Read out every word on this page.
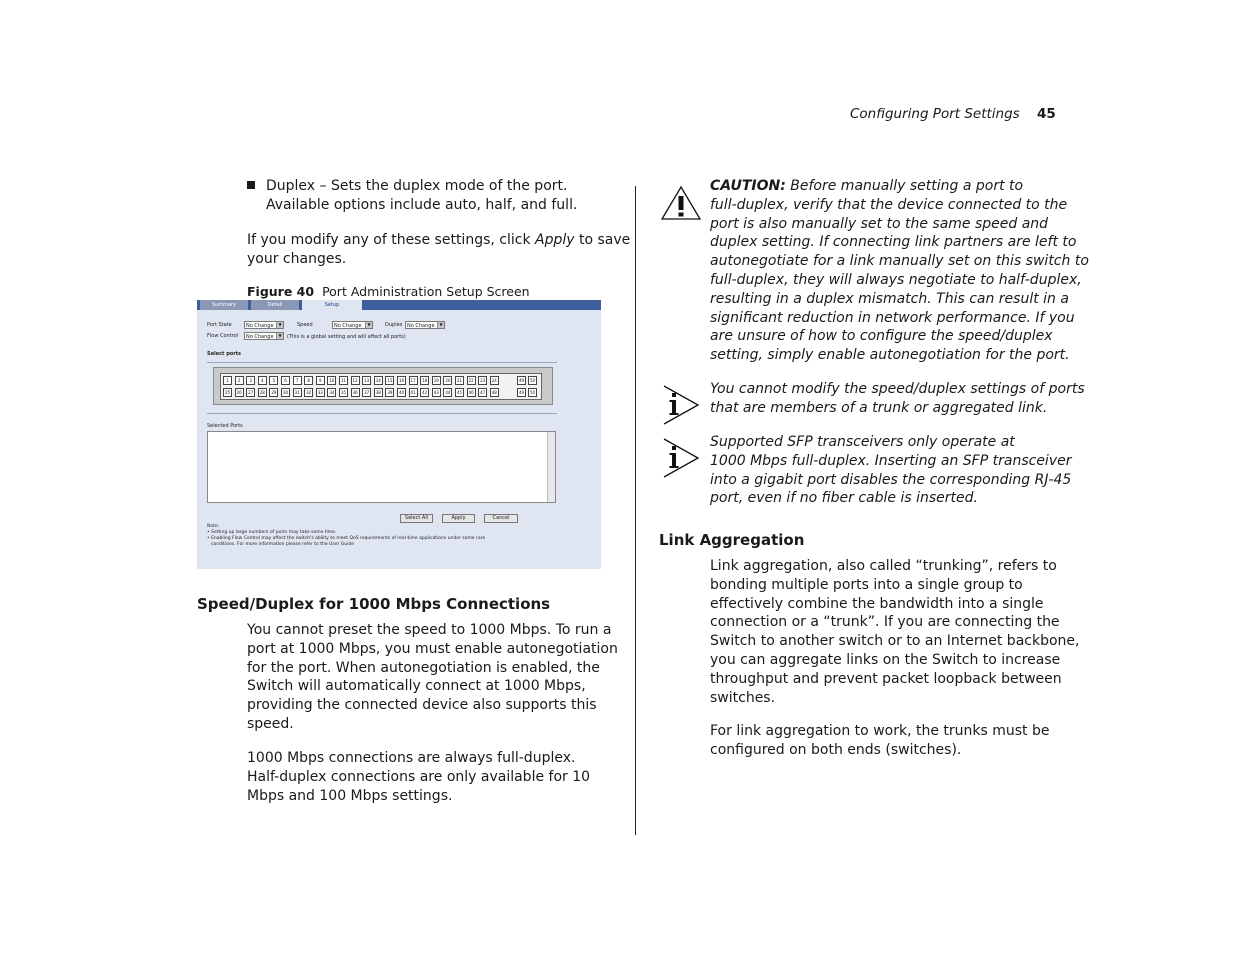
Configuring Port Settings 45
Duplex – Sets the duplex mode of the port.
Available options include auto, half, and full.
If you modify any of these settings, click Apply to save
your changes.
Figure 40 Port Administration Setup Screen
Summary	Detail	Setup
Port State	No Change	▼	Speed	No Change	▼	Duplex No Change	▼
Flow Control	No Change	▼ (This is a global setting and will affect all ports)
Select ports
1	2	3	4	5	6	7	8	9	10	11	12	13	14	15	16	17	18	19	20	21	22	23	24
25	26	27	28	29	30	31	32	33	34	35	36	37	38	39	40	41	42	43	44	45	46	47	48
49	50
49	50
Selected Ports
Select All	Apply	Cancel
Note:
• Setting up large numbers of ports may take some time.
• Enabling Flow Control may affect the switch's ability to meet QoS requirements of real-time applications under some rare
conditions. For more information please refer to the User Guide
Speed/Duplex for 1000 Mbps Connections
You cannot preset the speed to 1000 Mbps. To run a
port at 1000 Mbps, you must enable autonegotiation
for the port. When autonegotiation is enabled, the
Switch will automatically connect at 1000 Mbps,
providing the connected device also supports this
speed.
1000 Mbps connections are always full-duplex.
Half-duplex connections are only available for 10
Mbps and 100 Mbps settings.
CAUTION: Before manually setting a port to
full-duplex, verify that the device connected to the
port is also manually set to the same speed and
duplex setting. If connecting link partners are left to
autonegotiate for a link manually set on this switch to
full-duplex, they will always negotiate to half-duplex,
resulting in a duplex mismatch. This can result in a
significant reduction in network performance. If you
are unsure of how to configure the speed/duplex
setting, simply enable autonegotiation for the port.
You cannot modify the speed/duplex settings of ports
that are members of a trunk or aggregated link.
Supported SFP transceivers only operate at
1000 Mbps full-duplex. Inserting an SFP transceiver
into a gigabit port disables the corresponding RJ-45
port, even if no fiber cable is inserted.
Link Aggregation
Link aggregation, also called “trunking”, refers to
bonding multiple ports into a single group to
effectively combine the bandwidth into a single
connection or a “trunk”. If you are connecting the
Switch to another switch or to an Internet backbone,
you can aggregate links on the Switch to increase
throughput and prevent packet loopback between
switches.
For link aggregation to work, the trunks must be
configured on both ends (switches).
